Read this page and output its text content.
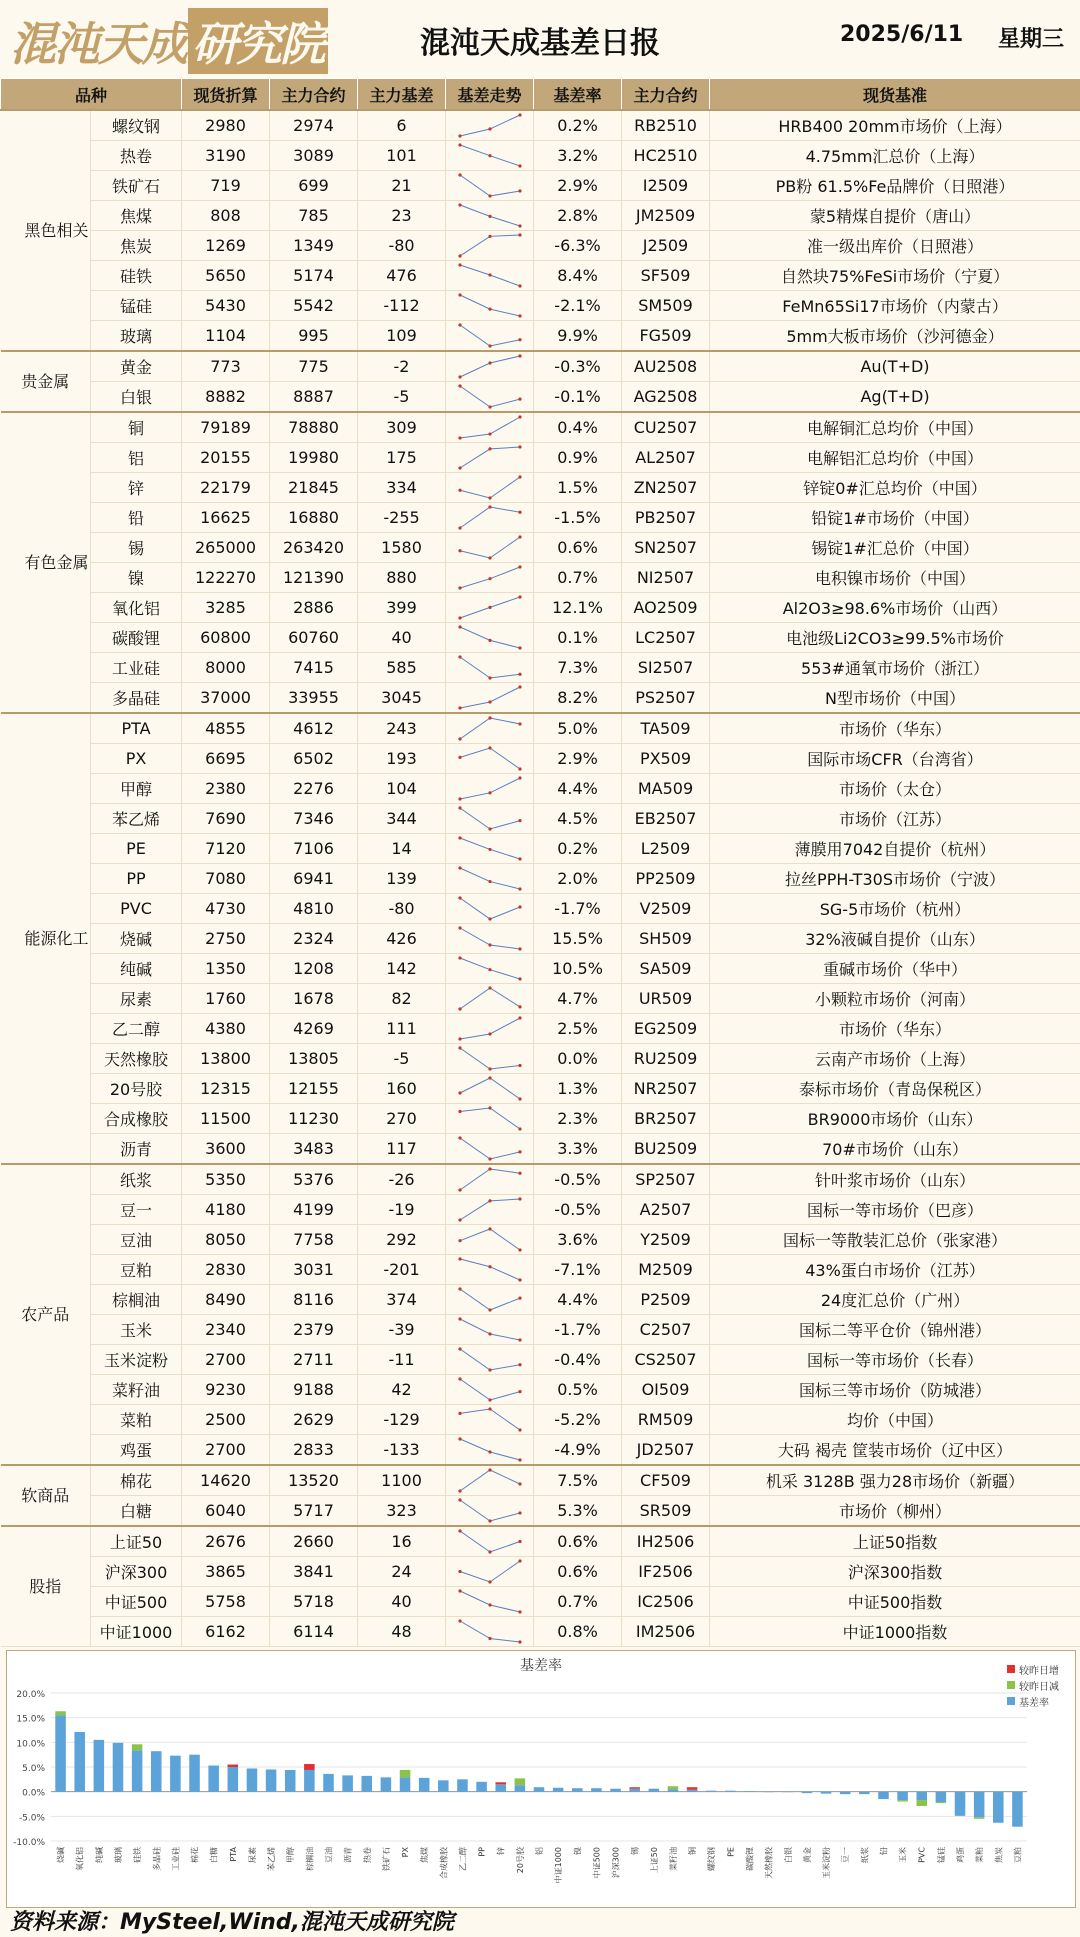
混沌天成 研究院	混沌天成基差日报	2025/6/11 星期三
品种		现货折算	主力合约	主力基差	基差走势	基差率	主力合约	现货基准
黑色相关	螺纹钢	2980	2974	6		0.2%	RB2510	HRB400 20mm市场价（上海）
	热卷	3190	3089	101		3.2%	HC2510	4.75mm汇总价（上海）
	铁矿石	719	699	21		2.9%	I2509	PB粉 61.5%Fe品牌价（日照港）
	焦煤	808	785	23		2.8%	JM2509	蒙5精煤自提价（唐山）
	焦炭	1269	1349	-80		-6.3%	J2509	准一级出库价（日照港）
	硅铁	5650	5174	476		8.4%	SF509	自然块75%FeSi市场价（宁夏）
	锰硅	5430	5542	-112		-2.1%	SM509	FeMn65Si17市场价（内蒙古）
	玻璃	1104	995	109		9.9%	FG509	5mm大板市场价（沙河德金）
贵金属	黄金	773	775	-2		-0.3%	AU2508	Au(T+D)
	白银	8882	8887	-5		-0.1%	AG2508	Ag(T+D)
有色金属	铜	79189	78880	309		0.4%	CU2507	电解铜汇总均价（中国）
	铝	20155	19980	175		0.9%	AL2507	电解铝汇总均价（中国）
	锌	22179	21845	334		1.5%	ZN2507	锌锭0#汇总均价（中国）
	铅	16625	16880	-255		-1.5%	PB2507	铅锭1#市场价（中国）
	锡	265000	263420	1580		0.6%	SN2507	锡锭1#汇总价（中国）
	镍	122270	121390	880		0.7%	NI2507	电积镍市场价（中国）
	氧化铝	3285	2886	399		12.1%	AO2509	Al2O3≥98.6%市场价（山西）
	碳酸锂	60800	60760	40		0.1%	LC2507	电池级Li2CO3≥99.5%市场价
	工业硅	8000	7415	585		7.3%	SI2507	553#通氧市场价（浙江）
	多晶硅	37000	33955	3045		8.2%	PS2507	N型市场价（中国）
能源化工	PTA	4855	4612	243		5.0%	TA509	市场价（华东）
	PX	6695	6502	193		2.9%	PX509	国际市场CFR（台湾省）
	甲醇	2380	2276	104		4.4%	MA509	市场价（太仓）
	苯乙烯	7690	7346	344		4.5%	EB2507	市场价（江苏）
	PE	7120	7106	14		0.2%	L2509	薄膜用7042自提价（杭州）
	PP	7080	6941	139		2.0%	PP2509	拉丝PPH-T30S市场价（宁波）
	PVC	4730	4810	-80		-1.7%	V2509	SG-5市场价（杭州）
	烧碱	2750	2324	426		15.5%	SH509	32%液碱自提价（山东）
	纯碱	1350	1208	142		10.5%	SA509	重碱市场价（华中）
	尿素	1760	1678	82		4.7%	UR509	小颗粒市场价（河南）
	乙二醇	4380	4269	111		2.5%	EG2509	市场价（华东）
	天然橡胶	13800	13805	-5		0.0%	RU2509	云南产市场价（上海）
	20号胶	12315	12155	160		1.3%	NR2507	泰标市场价（青岛保税区）
	合成橡胶	11500	11230	270		2.3%	BR2507	BR9000市场价（山东）
	沥青	3600	3483	117		3.3%	BU2509	70#市场价（山东）
农产品	纸浆	5350	5376	-26		-0.5%	SP2507	针叶浆市场价（山东）
	豆一	4180	4199	-19		-0.5%	A2507	国标一等市场价（巴彦）
	豆油	8050	7758	292		3.6%	Y2509	国标一等散装汇总价（张家港）
	豆粕	2830	3031	-201		-7.1%	M2509	43%蛋白市场价（江苏）
	棕榈油	8490	8116	374		4.4%	P2509	24度汇总价（广州）
	玉米	2340	2379	-39		-1.7%	C2507	国标二等平仓价（锦州港）
	玉米淀粉	2700	2711	-11		-0.4%	CS2507	国标一等市场价（长春）
	菜籽油	9230	9188	42		0.5%	OI509	国标三等市场价（防城港）
	菜粕	2500	2629	-129		-5.2%	RM509	均价（中国）
	鸡蛋	2700	2833	-133		-4.9%	JD2507	大码 褐壳 筐装市场价（辽中区）
软商品	棉花	14620	13520	1100		7.5%	CF509	机采 3128B 强力28市场价（新疆）
	白糖	6040	5717	323		5.3%	SR509	市场价（柳州）
股指	上证50	2676	2660	16		0.6%	IH2506	上证50指数
	沪深300	3865	3841	24		0.6%	IF2506	沪深300指数
	中证500	5758	5718	40		0.7%	IC2506	中证500指数
	中证1000	6162	6114	48		0.8%	IM2506	中证1000指数
基差率	较昨日增
较昨日减
基差率
20.0%
15.0%
10.0%
5.0%
0.0%
-5.0%
-10.0%
烧碱 氧化铝 纯碱 玻璃 硅铁 多晶硅 工业硅 棉花 白糖 PTA 尿素 苯乙烯 甲醇 棕榈油 豆油 沥青 热卷 铁矿石 PX 焦煤 合成橡胶 乙二醇 PP 锌 20号胶 铝 中证1000 镍 中证500 沪深300 锡 上证50 菜籽油 铜 螺纹钢 PE 碳酸锂 天然橡胶 白银 黄金 玉米淀粉 豆一 纸浆 铅 玉米 PVC 锰硅 鸡蛋 菜粕 焦炭 豆粕
资料来源：MySteel,Wind,混沌天成研究院
